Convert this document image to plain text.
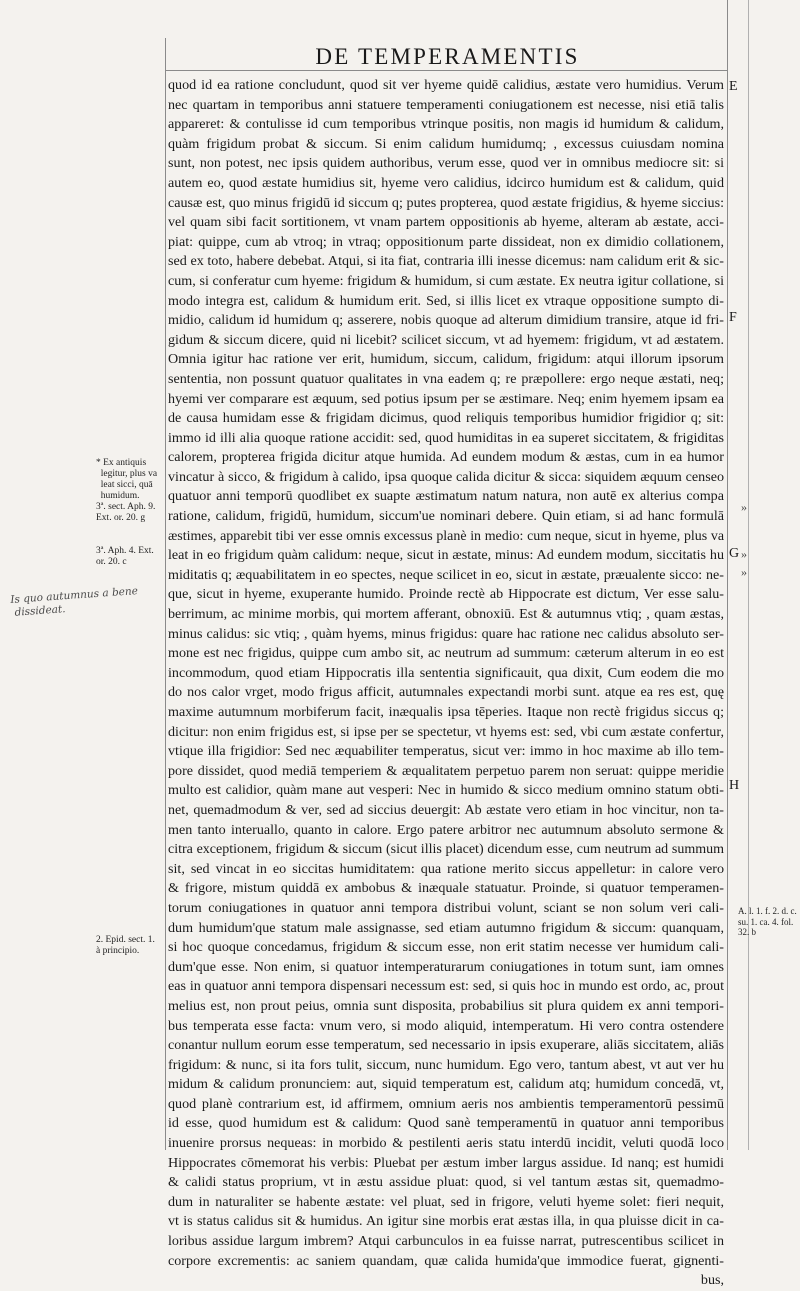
DE TEMPERAMENTIS
quod id ea ratione concludunt, quod sit ver hyeme quidē calidius, æstate vero humidius. Verum
nec quartam in temporibus anni statuere temperamenti coniugationem est necesse, nisi etiā talis
appareret: & contulisse id cum temporibus vtrinque positis, non magis id humidum & calidum,
quàm frigidum probat & siccum. Si enim calidum humidumq; , excessus cuiusdam nomina
sunt, non potest, nec ipsis quidem authoribus, verum esse, quod ver in omnibus mediocre sit: si
autem eo, quod æstate humidius sit, hyeme vero calidius, idcirco humidum est & calidum, quid
causæ est, quo minus frigidū id siccum q; putes propterea, quod æstate frigidius, & hyeme siccius:
vel quam sibi facit sortitionem, vt vnam partem oppositionis ab hyeme, alteram ab æstate, acci-
piat: quippe, cum ab vtroq; in vtraq; oppositionum parte dissideat, non ex dimidio collationem,
sed ex toto, habere debebat. Atqui, si ita fiat, contraria illi inesse dicemus: nam calidum erit & sic-
cum, si conferatur cum hyeme: frigidum & humidum, si cum æstate. Ex neutra igitur collatione, si
modo integra est, calidum & humidum erit. Sed, si illis licet ex vtraque oppositione sumpto di-
midio, calidum id humidum q; asserere, nobis quoque ad alterum dimidium transire, atque id fri-
gidum & siccum dicere, quid ni licebit? scilicet siccum, vt ad hyemem: frigidum, vt ad æstatem.
Omnia igitur hac ratione ver erit, humidum, siccum, calidum, frigidum: atqui illorum ipsorum
sententia, non possunt quatuor qualitates in vna eadem q; re præpollere: ergo neque æstati, neq;
hyemi ver comparare est æquum, sed potius ipsum per se æstimare. Neq; enim hyemem ipsam ea
de causa humidam esse & frigidam dicimus, quod reliquis temporibus humidior frigidior q; sit:
immo id illi alia quoque ratione accidit: sed, quod humiditas in ea superet siccitatem, & frigiditas
calorem, propterea frigida dicitur atque humida. Ad eundem modum & æstas, cum in ea humor
vincatur à sicco, & frigidum à calido, ipsa quoque calida dicitur & sicca: siquidem æquum censeo
quatuor anni temporū quodlibet ex suapte æstimatum natum natura, non autē ex alterius compa
ratione, calidum, frigidū, humidum, siccum'ue nominari debere. Quin etiam, si ad hanc formulā
æstimes, apparebit tibi ver esse omnis excessus planè in medio: cum neque, sicut in hyeme, plus va
leat in eo frigidum quàm calidum: neque, sicut in æstate, minus: Ad eundem modum, siccitatis hu
miditatis q; æquabilitatem in eo spectes, neque scilicet in eo, sicut in æstate, præualente sicco: ne-
que, sicut in hyeme, exuperante humido. Proinde rectè ab Hippocrate est dictum, Ver esse salu-
berrimum, ac minime morbis, qui mortem afferant, obnoxiū. Est & autumnus vtiq; , quam æstas,
minus calidus: sic vtiq; , quàm hyems, minus frigidus: quare hac ratione nec calidus absoluto ser-
mone est nec frigidus, quippe cum ambo sit, ac neutrum ad summum: cæterum alterum in eo est
incommodum, quod etiam Hippocratis illa sententia significauit, qua dixit, Cum eodem die mo
do nos calor vrget, modo frigus afficit, autumnales expectandi morbi sunt. atque ea res est, quę
maxime autumnum morbiferum facit, inæqualis ipsa tēperies. Itaque non rectè frigidus siccus q;
dicitur: non enim frigidus est, si ipse per se spectetur, vt hyems est: sed, vbi cum æstate confertur,
vtique illa frigidior: Sed nec æquabiliter temperatus, sicut ver: immo in hoc maxime ab illo tem-
pore dissidet, quod mediā temperiem & æqualitatem perpetuo parem non seruat: quippe meridie
multo est calidior, quàm mane aut vesperi: Nec in humido & sicco medium omnino statum obti-
net, quemadmodum & ver, sed ad siccius deuergit: Ab æstate vero etiam in hoc vincitur, non ta-
men tanto interuallo, quanto in calore. Ergo patere arbitror nec autumnum absoluto sermone &
citra exceptionem, frigidum & siccum (sicut illis placet) dicendum esse, cum neutrum ad summum
sit, sed vincat in eo siccitas humiditatem: qua ratione merito siccus appelletur: in calore vero
& frigore, mistum quiddā ex ambobus & inæquale statuatur. Proinde, si quatuor temperamen-
torum coniugationes in quatuor anni tempora distribui volunt, sciant se non solum veri cali-
dum humidum'que statum male assignasse, sed etiam autumno frigidum & siccum: quanquam,
si hoc quoque concedamus, frigidum & siccum esse, non erit statim necesse ver humidum cali-
dum'que esse. Non enim, si quatuor intemperaturarum coniugationes in totum sunt, iam omnes
eas in quatuor anni tempora dispensari necessum est: sed, si quis hoc in mundo est ordo, ac, prout
melius est, non prout peius, omnia sunt disposita, probabilius sit plura quidem ex anni tempori-
bus temperata esse facta: vnum vero, si modo aliquid, intemperatum. Hi vero contra ostendere
conantur nullum eorum esse temperatum, sed necessario in ipsis exuperare, aliās siccitatem, aliās
frigidum: & nunc, si ita fors tulit, siccum, nunc humidum. Ego vero, tantum abest, vt aut ver hu
midum & calidum pronunciem: aut, siquid temperatum est, calidum atq; humidum concedā, vt,
quod planè contrarium est, id affirmem, omnium aeris nos ambientis temperamentorū pessimū
id esse, quod humidum est & calidum: Quod sanè temperamentū in quatuor anni temporibus
inuenire prorsus nequeas: in morbido & pestilenti aeris statu interdū incidit, veluti quodā loco
Hippocrates cōmemorat his verbis: Pluebat per æstum imber largus assidue. Id nanq; est humidi
& calidi status proprium, vt in æstu assidue pluat: quod, si vel tantum æstas sit, quemadmo-
dum in naturaliter se habente æstate: vel pluat, sed in frigore, veluti hyeme solet: fieri nequit,
vt is status calidus sit & humidus. An igitur sine morbis erat æstas illa, in qua pluisse dicit in ca-
loribus assidue largum imbrem? Atqui carbunculos in ea fuisse narrat, putrescentibus scilicet in
corpore excrementis: ac saniem quandam, quæ calida humida'que immodice fuerat, gignenti-
bus,
E
F
G
H
»
»
»
* Ex antiquis
legitur, plus va
leat sicci, quā
humidum.
3ª. sect. Aph. 9.
Ext. or. 20. g
3ª. Aph. 4. Ext.
or. 20. c
2. Epid. sect. 1.
à principio.
A. l. 1. f. 2. d. c.
su. 1. ca. 4. fol.
32. b
Is quo autumnus a bene
dissideat.
